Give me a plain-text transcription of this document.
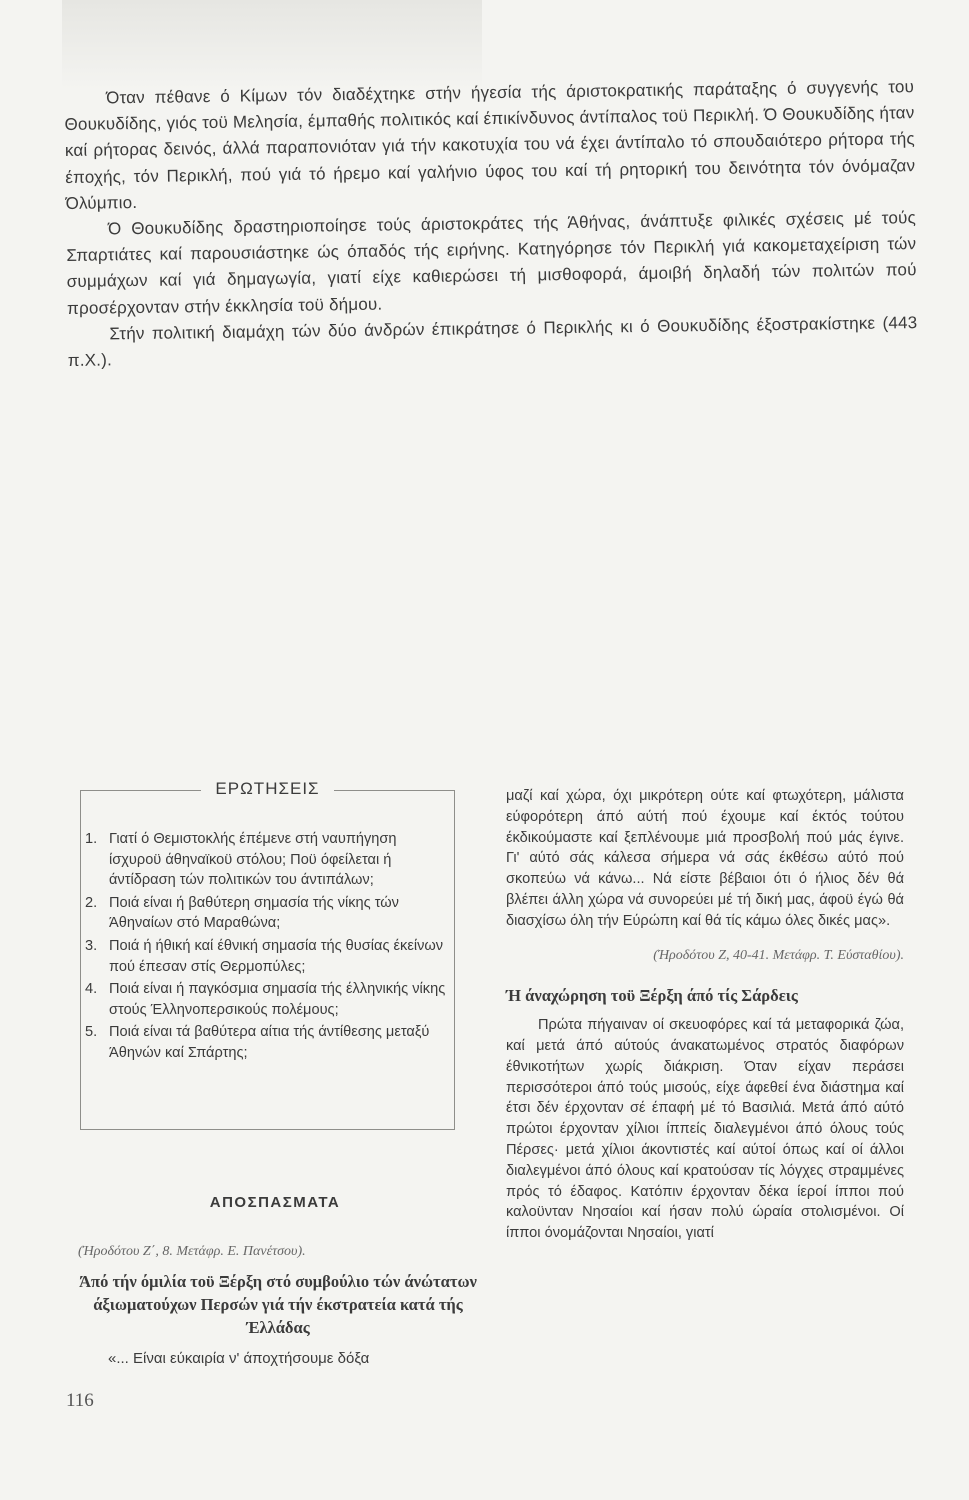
Όταν πέθανε ό Κίμων τόν διαδέχτηκε στήν ήγεσία τής άριστοκρατικής παράταξης ό συγγενής του Θουκυδίδης, γιός τοϋ Μελησία, έμπαθής πολιτικός καί έπικίνδυνος άντίπαλος τοϋ Περικλή. Ό Θουκυδίδης ήταν καί ρήτορας δεινός, άλλά παραπονιόταν γιά τήν κακοτυχία του νά έχει άντίπαλο τό σπουδαιότερο ρήτορα τής έποχής, τόν Περικλή, πού γιά τό ήρεμο καί γαλήνιο ύφος του καί τή ρητορική του δεινότητα τόν όνόμαζαν Όλύμπιο.

Ό Θουκυδίδης δραστηριοποίησε τούς άριστοκράτες τής Άθήνας, άνάπτυξε φιλικές σχέσεις μέ τούς Σπαρτιάτες καί παρουσιάστηκε ώς όπαδός τής ειρήνης. Κατηγόρησε τόν Περικλή γιά κακομεταχείριση τών συμμάχων καί γιά δημαγωγία, γιατί είχε καθιερώσει τή μισθοφορά, άμοιβή δηλαδή τών πολιτών πού προσέρχονταν στήν έκκλησία τοϋ δήμου.

Στήν πολιτική διαμάχη τών δύο άνδρών έπικράτησε ό Περικλής κι ό Θουκυδίδης έξοστρακίστηκε (443 π.Χ.).

ΕΡΩΤΗΣΕΙΣ
1. Γιατί ό Θεμιστοκλής έπέμενε στή ναυπήγηση ίσχυροϋ άθηναϊκοϋ στόλου; Ποϋ όφείλεται ή άντίδραση τών πολιτικών του άντιπάλων;
2. Ποιά είναι ή βαθύτερη σημασία τής νίκης τών Άθηναίων στό Μαραθώνα;
3. Ποιά ή ήθική καί έθνική σημασία τής θυσίας έκείνων πού έπεσαν στίς Θερμοπύλες;
4. Ποιά είναι ή παγκόσμια σημασία τής έλληνικής νίκης στούς Έλληνοπερσικούς πολέμους;
5. Ποιά είναι τά βαθύτερα αίτια τής άντίθεσης μεταξύ Άθηνών καί Σπάρτης;
ΑΠΟΣΠΑΣΜΑΤΑ
(Ήροδότου Ζ΄, 8. Μετάφρ. Ε. Πανέτσου).
Άπό τήν όμιλία τοϋ Ξέρξη στό συμβούλιο τών άνώτατων άξιωματούχων Περσών γιά τήν έκστρατεία κατά τής Έλλάδας
«... Είναι εύκαιρία ν' άποχτήσουμε δόξα
116

μαζί καί χώρα, όχι μικρότερη ούτε καί φτωχότερη, μάλιστα εύφορότερη άπό αύτή πού έχουμε καί έκτός τούτου έκδικούμαστε καί ξεπλένουμε μιά προσβολή πού μάς έγινε. Γι' αύτό σάς κάλεσα σήμερα νά σάς έκθέσω αύτό πού σκοπεύω νά κάνω... Νά είστε βέβαιοι ότι ό ήλιος δέν θά βλέπει άλλη χώρα νά συνορεύει μέ τή δική μας, άφοϋ έγώ θά διασχίσω όλη τήν Εύρώπη καί θά τίς κάμω όλες δικές μας».

(Ήροδότου Ζ, 40-41. Μετάφρ. Τ. Εύσταθίου).

Ή άναχώρηση τοϋ Ξέρξη άπό τίς Σάρδεις

Πρώτα πήγαιναν οί σκευοφόρες καί τά μεταφορικά ζώα, καί μετά άπό αύτούς άνακατωμένος στρατός διαφόρων έθνικοτήτων χωρίς διάκριση. Όταν είχαν περάσει περισσότεροι άπό τούς μισούς, είχε άφεθεί ένα διάστημα καί έτσι δέν έρχονταν σέ έπαφή μέ τό Βασιλιά. Μετά άπό αύτό πρώτοι έρχονταν χίλιοι ίππείς διαλεγμένοι άπό όλους τούς Πέρσες· μετά χίλιοι άκοντιστές καί αύτοί όπως καί οί άλλοι διαλεγμένοι άπό όλους καί κρατούσαν τίς λόγχες στραμμένες πρός τό έδαφος. Κατόπιν έρχονταν δέκα ίεροί ίπποι πού καλοϋνταν Νησαίοι καί ήσαν πολύ ώραία στολισμένοι. Οί ίπποι όνομάζονται Νησαίοι, γιατί
